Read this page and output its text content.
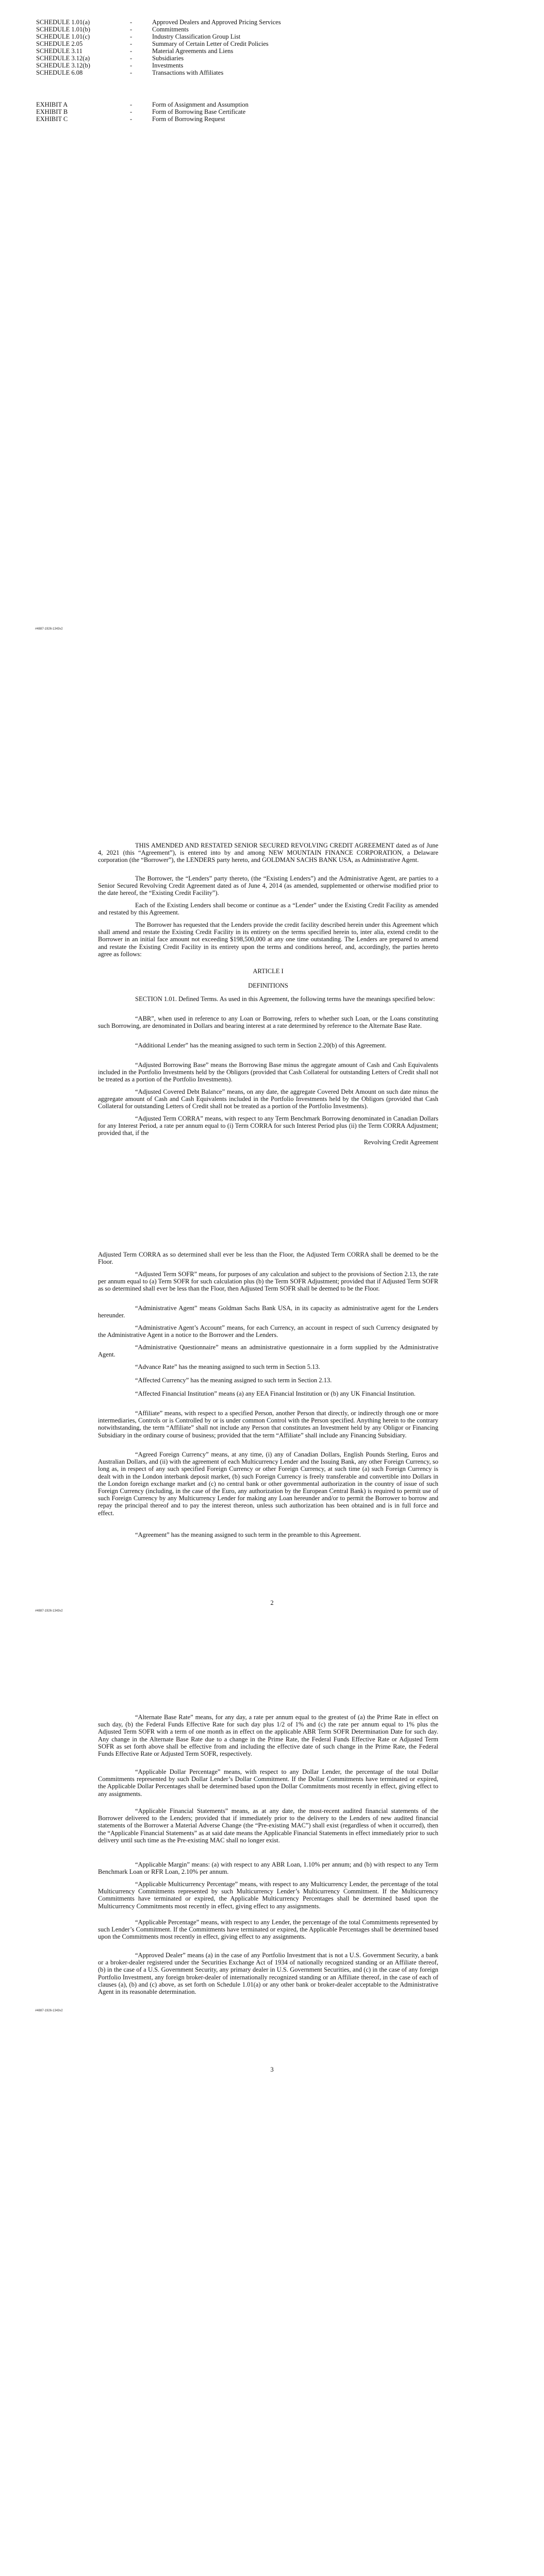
SCHEDULE 1.01(a)	-	Approved Dealers and Approved Pricing Services
SCHEDULE 1.01(b)	-	Commitments
SCHEDULE 1.01(c)	-	Industry Classification Group List
SCHEDULE 2.05	-	Summary of Certain Letter of Credit Policies
SCHEDULE 3.11	-	Material Agreements and Liens
SCHEDULE 3.12(a)	-	Subsidiaries
SCHEDULE 3.12(b)	-	Investments
SCHEDULE 6.08	-	Transactions with Affiliates
EXHIBIT A	-	Form of Assignment and Assumption
EXHIBIT B	-	Form of Borrowing Base Certificate
EXHIBIT C	-	Form of Borrowing Request
#4887-1926-1343v2
THIS AMENDED AND RESTATED SENIOR SECURED REVOLVING CREDIT AGREEMENT dated as of June 4, 2021 (this “Agreement”), is entered into by and among NEW MOUNTAIN FINANCE CORPORATION, a Delaware corporation (the “Borrower”), the LENDERS party hereto, and GOLDMAN SACHS BANK USA, as Administrative Agent.
The Borrower, the “Lenders” party thereto, (the “Existing Lenders”) and the Administrative Agent, are parties to a Senior Secured Revolving Credit Agreement dated as of June 4, 2014 (as amended, supplemented or otherwise modified prior to the date hereof, the “Existing Credit Facility”).
Each of the Existing Lenders shall become or continue as a “Lender” under the Existing Credit Facility as amended and restated by this Agreement.
The Borrower has requested that the Lenders provide the credit facility described herein under this Agreement which shall amend and restate the Existing Credit Facility in its entirety on the terms specified herein to, inter alia, extend credit to the Borrower in an initial face amount not exceeding $198,500,000 at any one time outstanding. The Lenders are prepared to amend and restate the Existing Credit Facility in its entirety upon the terms and conditions hereof, and, accordingly, the parties hereto agree as follows:
ARTICLE I
DEFINITIONS
SECTION 1.01. Defined Terms. As used in this Agreement, the following terms have the meanings specified below:
“ABR”, when used in reference to any Loan or Borrowing, refers to whether such Loan, or the Loans constituting such Borrowing, are denominated in Dollars and bearing interest at a rate determined by reference to the Alternate Base Rate.
“Additional Lender” has the meaning assigned to such term in Section 2.20(b) of this Agreement.
“Adjusted Borrowing Base” means the Borrowing Base minus the aggregate amount of Cash and Cash Equivalents included in the Portfolio Investments held by the Obligors (provided that Cash Collateral for outstanding Letters of Credit shall not be treated as a portion of the Portfolio Investments).
“Adjusted Covered Debt Balance” means, on any date, the aggregate Covered Debt Amount on such date minus the aggregate amount of Cash and Cash Equivalents included in the Portfolio Investments held by the Obligors (provided that Cash Collateral for outstanding Letters of Credit shall not be treated as a portion of the Portfolio Investments).
“Adjusted Term CORRA” means, with respect to any Term Benchmark Borrowing denominated in Canadian Dollars for any Interest Period, a rate per annum equal to (i) Term CORRA for such Interest Period plus (ii) the Term CORRA Adjustment; provided that, if the
Revolving Credit Agreement
Adjusted Term CORRA as so determined shall ever be less than the Floor, the Adjusted Term CORRA shall be deemed to be the Floor.
“Adjusted Term SOFR” means, for purposes of any calculation and subject to the provisions of Section 2.13, the rate per annum equal to (a) Term SOFR for such calculation plus (b) the Term SOFR Adjustment; provided that if Adjusted Term SOFR as so determined shall ever be less than the Floor, then Adjusted Term SOFR shall be deemed to be the Floor.
“Administrative Agent” means Goldman Sachs Bank USA, in its capacity as administrative agent for the Lenders hereunder.
“Administrative Agent’s Account” means, for each Currency, an account in respect of such Currency designated by the Administrative Agent in a notice to the Borrower and the Lenders.
“Administrative Questionnaire” means an administrative questionnaire in a form supplied by the Administrative Agent.
“Advance Rate” has the meaning assigned to such term in Section 5.13.
“Affected Currency” has the meaning assigned to such term in Section 2.13.
“Affected Financial Institution” means (a) any EEA Financial Institution or (b) any UK Financial Institution.
“Affiliate” means, with respect to a specified Person, another Person that directly, or indirectly through one or more intermediaries, Controls or is Controlled by or is under common Control with the Person specified. Anything herein to the contrary notwithstanding, the term “Affiliate” shall not include any Person that constitutes an Investment held by any Obligor or Financing Subsidiary in the ordinary course of business; provided that the term “Affiliate” shall include any Financing Subsidiary.
“Agreed Foreign Currency” means, at any time, (i) any of Canadian Dollars, English Pounds Sterling, Euros and Australian Dollars, and (ii) with the agreement of each Multicurrency Lender and the Issuing Bank, any other Foreign Currency, so long as, in respect of any such specified Foreign Currency or other Foreign Currency, at such time (a) such Foreign Currency is dealt with in the London interbank deposit market, (b) such Foreign Currency is freely transferable and convertible into Dollars in the London foreign exchange market and (c) no central bank or other governmental authorization in the country of issue of such Foreign Currency (including, in the case of the Euro, any authorization by the European Central Bank) is required to permit use of such Foreign Currency by any Multicurrency Lender for making any Loan hereunder and/or to permit the Borrower to borrow and repay the principal thereof and to pay the interest thereon, unless such authorization has been obtained and is in full force and effect.
“Agreement” has the meaning assigned to such term in the preamble to this Agreement.
2
#4887-1926-1343v2
“Alternate Base Rate” means, for any day, a rate per annum equal to the greatest of (a) the Prime Rate in effect on such day, (b) the Federal Funds Effective Rate for such day plus 1/2 of 1% and (c) the rate per annum equal to 1% plus the Adjusted Term SOFR with a term of one month as in effect on the applicable ABR Term SOFR Determination Date for such day. Any change in the Alternate Base Rate due to a change in the Prime Rate, the Federal Funds Effective Rate or Adjusted Term SOFR as set forth above shall be effective from and including the effective date of such change in the Prime Rate, the Federal Funds Effective Rate or Adjusted Term SOFR, respectively.
“Applicable Dollar Percentage” means, with respect to any Dollar Lender, the percentage of the total Dollar Commitments represented by such Dollar Lender’s Dollar Commitment. If the Dollar Commitments have terminated or expired, the Applicable Dollar Percentages shall be determined based upon the Dollar Commitments most recently in effect, giving effect to any assignments.
“Applicable Financial Statements” means, as at any date, the most-recent audited financial statements of the Borrower delivered to the Lenders; provided that if immediately prior to the delivery to the Lenders of new audited financial statements of the Borrower a Material Adverse Change (the “Pre-existing MAC”) shall exist (regardless of when it occurred), then the “Applicable Financial Statements” as at said date means the Applicable Financial Statements in effect immediately prior to such delivery until such time as the Pre-existing MAC shall no longer exist.
“Applicable Margin” means: (a) with respect to any ABR Loan, 1.10% per annum; and (b) with respect to any Term Benchmark Loan or RFR Loan, 2.10% per annum.
“Applicable Multicurrency Percentage” means, with respect to any Multicurrency Lender, the percentage of the total Multicurrency Commitments represented by such Multicurrency Lender’s Multicurrency Commitment. If the Multicurrency Commitments have terminated or expired, the Applicable Multicurrency Percentages shall be determined based upon the Multicurrency Commitments most recently in effect, giving effect to any assignments.
“Applicable Percentage” means, with respect to any Lender, the percentage of the total Commitments represented by such Lender’s Commitment. If the Commitments have terminated or expired, the Applicable Percentages shall be determined based upon the Commitments most recently in effect, giving effect to any assignments.
“Approved Dealer” means (a) in the case of any Portfolio Investment that is not a U.S. Government Security, a bank or a broker-dealer registered under the Securities Exchange Act of 1934 of nationally recognized standing or an Affiliate thereof, (b) in the case of a U.S. Government Security, any primary dealer in U.S. Government Securities, and (c) in the case of any foreign Portfolio Investment, any foreign broker-dealer of internationally recognized standing or an Affiliate thereof, in the case of each of clauses (a), (b) and (c) above, as set forth on Schedule 1.01(a) or any other bank or broker-dealer acceptable to the Administrative Agent in its reasonable determination.
#4887-1926-1343v2
3
